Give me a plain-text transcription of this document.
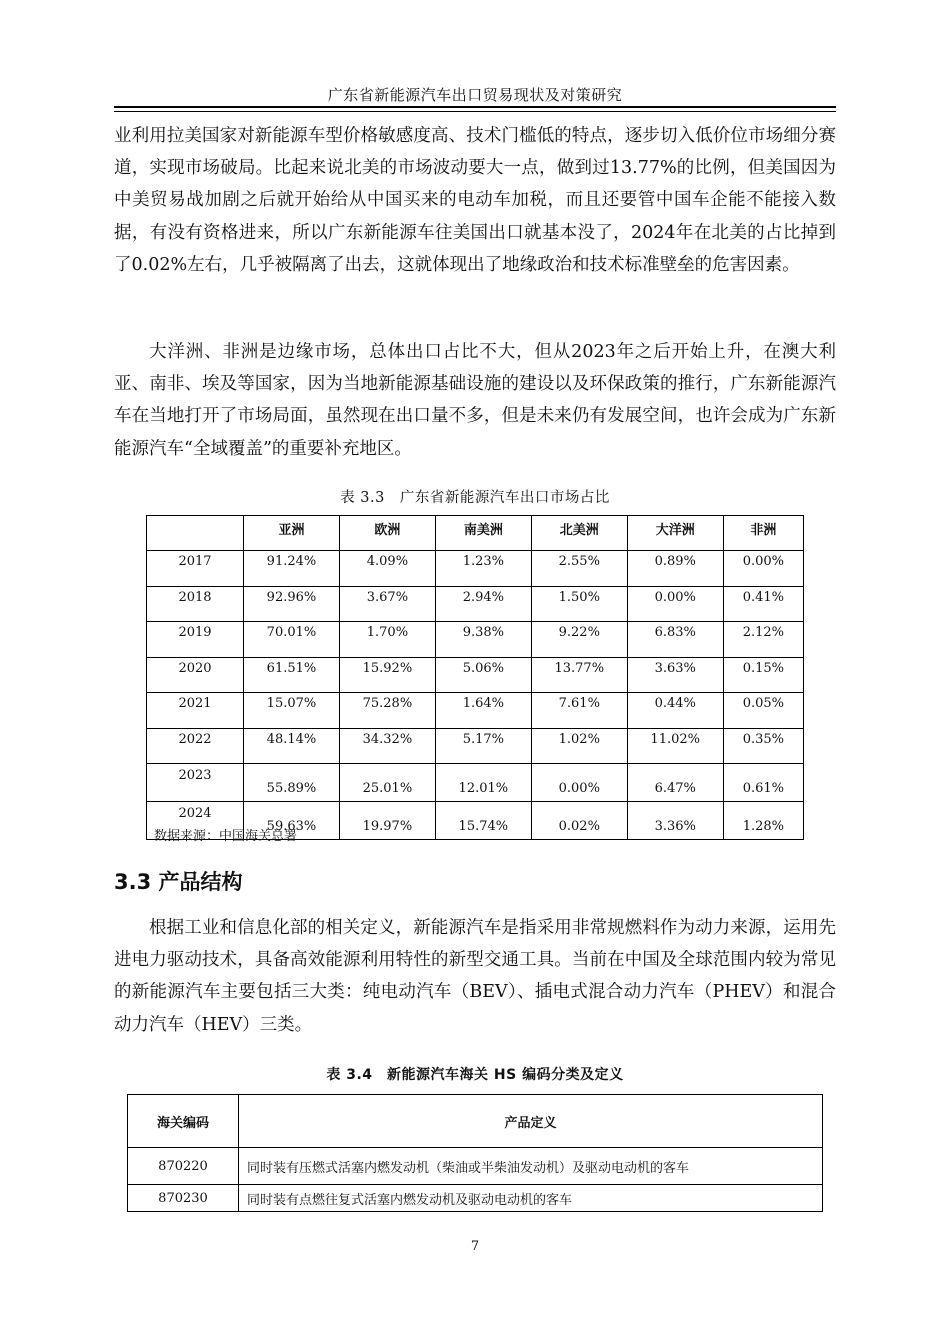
广东省新能源汽车出口贸易现状及对策研究

业利用拉美国家对新能源车型价格敏感度高、技术门槛低的特点，逐步切入低价位市场细分赛道，实现市场破局。比起来说北美的市场波动要大一点，做到过13.77%的比例，但美国因为中美贸易战加剧之后就开始给从中国买来的电动车加税，而且还要管中国车企能不能接入数据，有没有资格进来，所以广东新能源车往美国出口就基本没了，2024年在北美的占比掉到了0.02%左右，几乎被隔离了出去，这就体现出了地缘政治和技术标准壁垒的危害因素。

大洋洲、非洲是边缘市场，总体出口占比不大，但从2023年之后开始上升，在澳大利亚、南非、埃及等国家，因为当地新能源基础设施的建设以及环保政策的推行，广东新能源汽车在当地打开了市场局面，虽然现在出口量不多，但是未来仍有发展空间，也许会成为广东新能源汽车“全域覆盖”的重要补充地区。

表 3.3　广东省新能源汽车出口市场占比
	亚洲	欧洲	南美洲	北美洲	大洋洲	非洲
2017	91.24%	4.09%	1.23%	2.55%	0.89%	0.00%
2018	92.96%	3.67%	2.94%	1.50%	0.00%	0.41%
2019	70.01%	1.70%	9.38%	9.22%	6.83%	2.12%
2020	61.51%	15.92%	5.06%	13.77%	3.63%	0.15%
2021	15.07%	75.28%	1.64%	7.61%	0.44%	0.05%
2022	48.14%	34.32%	5.17%	1.02%	11.02%	0.35%
2023	55.89%	25.01%	12.01%	0.00%	6.47%	0.61%
2024	59.63%	19.97%	15.74%	0.02%	3.36%	1.28%
数据来源：中国海关总署
3.3 产品结构

根据工业和信息化部的相关定义，新能源汽车是指采用非常规燃料作为动力来源，运用先进电力驱动技术，具备高效能源利用特性的新型交通工具。当前在中国及全球范围内较为常见的新能源汽车主要包括三大类：纯电动汽车（BEV）、插电式混合动力汽车（PHEV）和混合动力汽车（HEV）三类。

表 3.4　新能源汽车海关 HS 编码分类及定义
海关编码	产品定义
870220	同时装有压燃式活塞内燃发动机（柴油或半柴油发动机）及驱动电动机的客车
870230	同时装有点燃往复式活塞内燃发动机及驱动电动机的客车
7
